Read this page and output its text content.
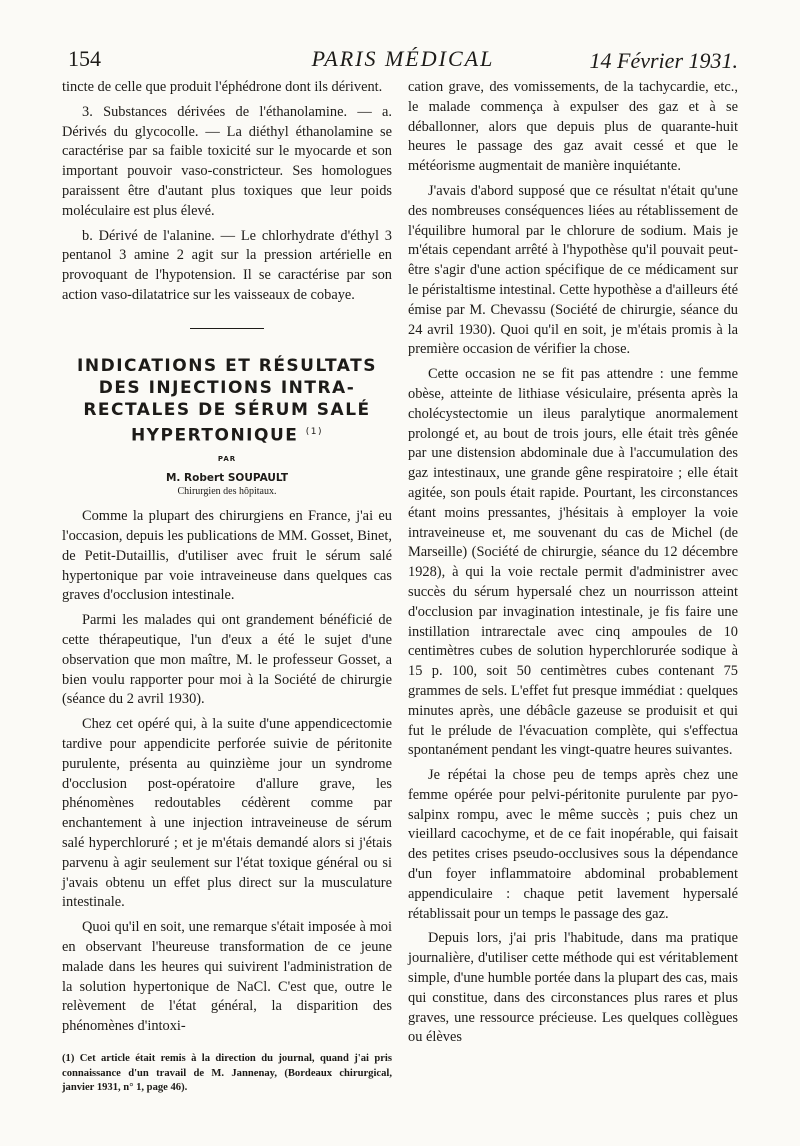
154	PARIS MÉDICAL	14 Février 1931.

tincte de celle que produit l'éphédrone dont ils dérivent.

3. Substances dérivées de l'éthanolamine. — a. Dérivés du glycocolle. — La diéthyl éthanolamine se caractérise par sa faible toxicité sur le myocarde et son important pouvoir vaso-constricteur. Ses homologues paraissent être d'autant plus toxiques que leur poids moléculaire est plus élevé.

b. Dérivé de l'alanine. — Le chlorhydrate d'éthyl 3 pentanol 3 amine 2 agit sur la pression artérielle en provoquant de l'hypotension. Il se caractérise par son action vaso-dilatatrice sur les vaisseaux de cobaye.

INDICATIONS ET RÉSULTATS DES INJECTIONS INTRA-RECTALES DE SÉRUM SALÉ HYPERTONIQUE $^{(1)}$
PAR
M. Robert SOUPAULT
Chirurgien des hôpitaux.

Comme la plupart des chirurgiens en France, j'ai eu l'occasion, depuis les publications de MM. Gosset, Binet, de Petit-Dutaillis, d'utiliser avec fruit le sérum salé hypertonique par voie intraveineuse dans quelques cas graves d'occlusion intestinale.

Parmi les malades qui ont grandement bénéficié de cette thérapeutique, l'un d'eux a été le sujet d'une observation que mon maître, M. le professeur Gosset, a bien voulu rapporter pour moi à la Société de chirurgie (séance du 2 avril 1930).

Chez cet opéré qui, à la suite d'une appendicectomie tardive pour appendicite perforée suivie de péritonite purulente, présenta au quinzième jour un syndrome d'occlusion post-opératoire d'allure grave, les phénomènes redoutables cédèrent comme par enchantement à une injection intraveineuse de sérum salé hyperchloruré ; et je m'étais demandé alors si j'étais parvenu à agir seulement sur l'état toxique général ou si j'avais obtenu un effet plus direct sur la musculature intestinale.

Quoi qu'il en soit, une remarque s'était imposée à moi en observant l'heureuse transformation de ce jeune malade dans les heures qui suivirent l'administration de la solution hypertonique de NaCl. C'est que, outre le relèvement de l'état général, la disparition des phénomènes d'intoxi-

(1) Cet article était remis à la direction du journal, quand j'ai pris connaissance d'un travail de M. Jannenay, (Bordeaux chirurgical, janvier 1931, n° 1, page 46).

cation grave, des vomissements, de la tachycardie, etc., le malade commença à expulser des gaz et à se déballonner, alors que depuis plus de quarante-huit heures le passage des gaz avait cessé et que le météorisme augmentait de manière inquiétante.

J'avais d'abord supposé que ce résultat n'était qu'une des nombreuses conséquences liées au rétablissement de l'équilibre humoral par le chlorure de sodium. Mais je m'étais cependant arrêté à l'hypothèse qu'il pouvait peut-être s'agir d'une action spécifique de ce médicament sur le péristaltisme intestinal. Cette hypothèse a d'ailleurs été émise par M. Chevassu (Société de chirurgie, séance du 24 avril 1930). Quoi qu'il en soit, je m'étais promis à la première occasion de vérifier la chose.

Cette occasion ne se fit pas attendre : une femme obèse, atteinte de lithiase vésiculaire, présenta après la cholécystectomie un ileus paralytique anormalement prolongé et, au bout de trois jours, elle était très gênée par une distension abdominale due à l'accumulation des gaz intestinaux, une grande gêne respiratoire ; elle était agitée, son pouls était rapide. Pourtant, les circonstances étant moins pressantes, j'hésitais à employer la voie intraveineuse et, me souvenant du cas de Michel (de Marseille) (Société de chirurgie, séance du 12 décembre 1928), à qui la voie rectale permit d'administrer avec succès du sérum hypersalé chez un nourrisson atteint d'occlusion par invagination intestinale, je fis faire une instillation intrarectale avec cinq ampoules de 10 centimètres cubes de solution hyperchlorurée sodique à 15 p. 100, soit 50 centimètres cubes contenant 75 grammes de sels. L'effet fut presque immédiat : quelques minutes après, une débâcle gazeuse se produisit et qui fut le prélude de l'évacuation complète, qui s'effectua spontanément pendant les vingt-quatre heures suivantes.

Je répétai la chose peu de temps après chez une femme opérée pour pelvi-péritonite purulente par pyo-salpinx rompu, avec le même succès ; puis chez un vieillard cacochyme, et de ce fait inopérable, qui faisait des petites crises pseudo-occlusives sous la dépendance d'un foyer inflammatoire abdominal probablement appendiculaire : chaque petit lavement hypersalé rétablissait pour un temps le passage des gaz.

Depuis lors, j'ai pris l'habitude, dans ma pratique journalière, d'utiliser cette méthode qui est véritablement simple, d'une humble portée dans la plupart des cas, mais qui constitue, dans des circonstances plus rares et plus graves, une ressource précieuse. Les quelques collègues ou élèves
